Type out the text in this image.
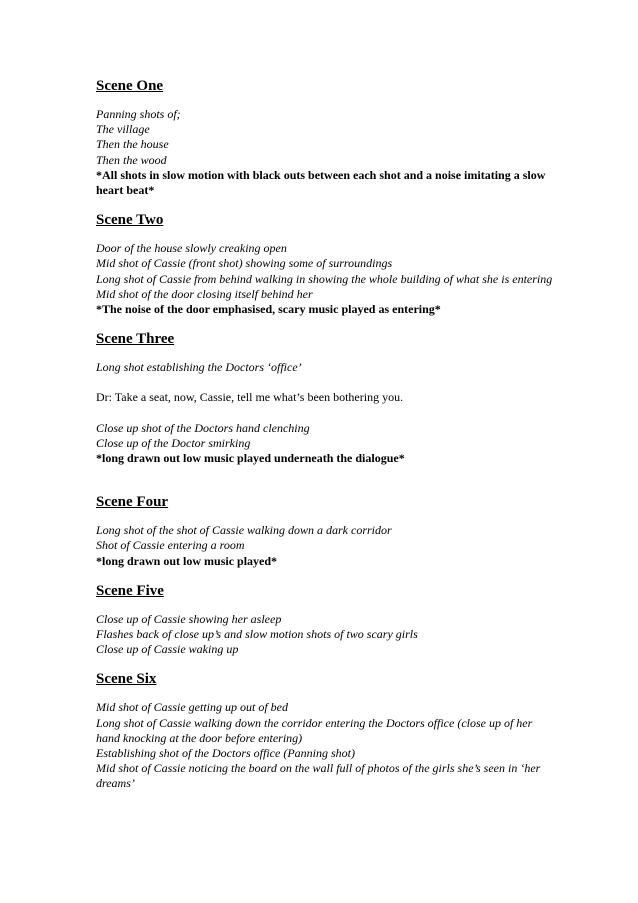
Scene One
Panning shots of;
The village
Then the house
Then the wood
*All shots in slow motion with black outs between each shot and a noise imitating a slow heart beat*
Scene Two
Door of the house slowly creaking open
Mid shot of Cassie (front shot) showing some of surroundings
Long shot of Cassie from behind walking in showing the whole building of what she is entering
Mid shot of the door closing itself behind her
*The noise of the door emphasised, scary music played as entering*
Scene Three
Long shot establishing the Doctors ‘office’
Dr: Take a seat, now, Cassie, tell me what’s been bothering you.
Close up shot of the Doctors hand clenching
Close up of the Doctor smirking
*long drawn out low music played underneath the dialogue*
Scene Four
Long shot of the shot of Cassie walking down a dark corridor
Shot of Cassie entering a room
*long drawn out low music played*
Scene Five
Close up of Cassie showing her asleep
Flashes back of close up’s and slow motion shots of two scary girls
Close up of Cassie waking up
Scene Six
Mid shot of Cassie getting up out of bed
Long shot of Cassie walking down the corridor entering the Doctors office (close up of her hand knocking at the door before entering)
Establishing shot of the Doctors office (Panning shot)
Mid shot of Cassie noticing the board on the wall full of photos of the girls she’s seen in ‘her dreams’
